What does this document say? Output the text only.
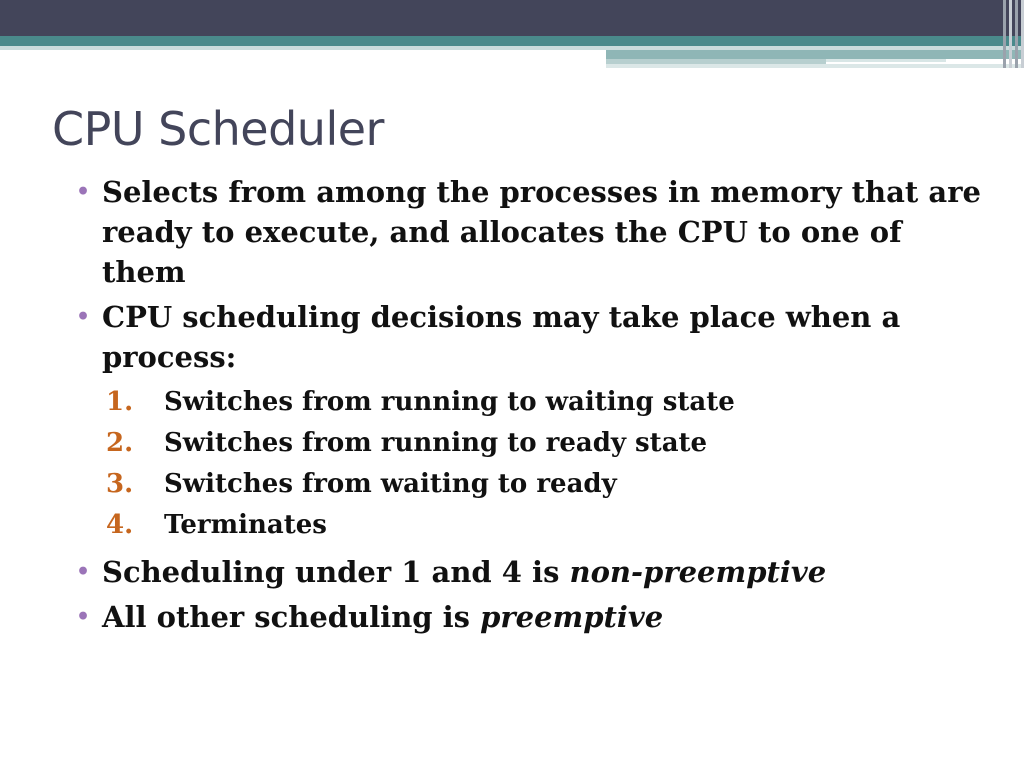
CPU Scheduler
• Selects from among the processes in memory that are ready to execute, and allocates the CPU to one of them
• CPU scheduling decisions may take place when a process:
1. Switches from running to waiting state
2. Switches from running to ready state
3. Switches from waiting to ready
4. Terminates
• Scheduling under 1 and 4 is non-preemptive
• All other scheduling is preemptive
